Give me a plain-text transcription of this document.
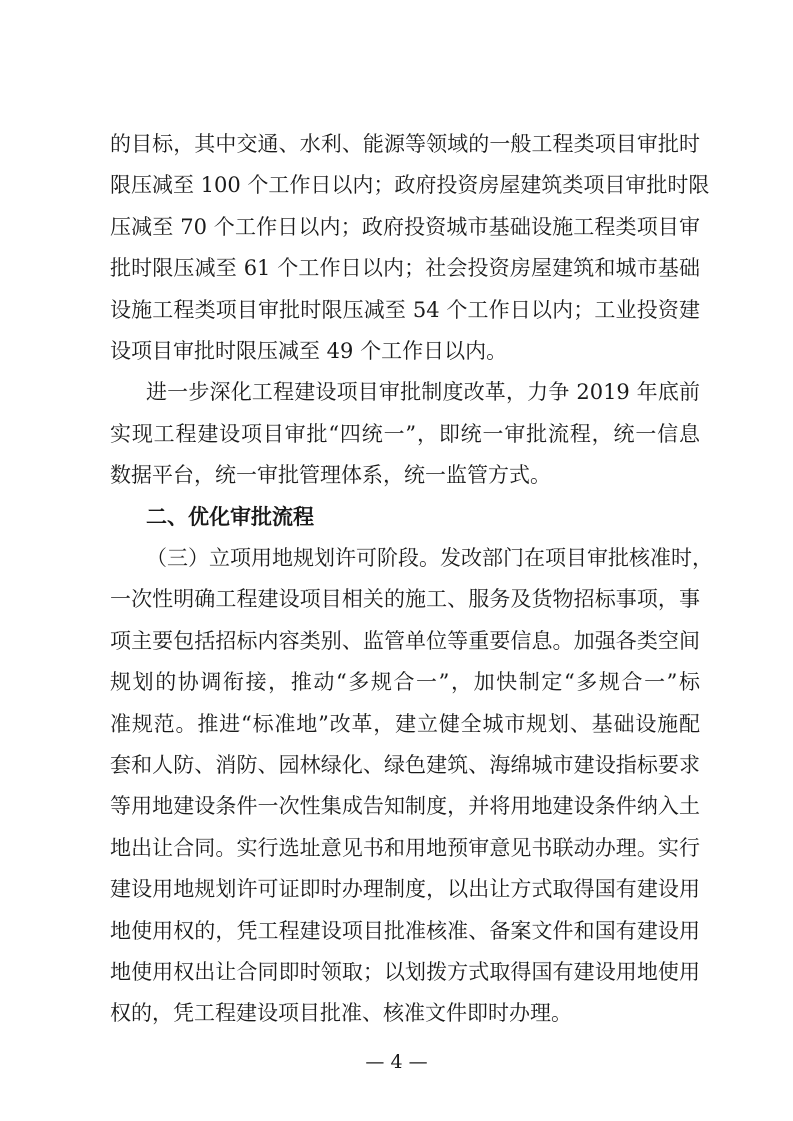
的目标，其中交通、水利、能源等领域的一般工程类项目审批时

限压减至 100 个工作日以内；政府投资房屋建筑类项目审批时限

压减至 70 个工作日以内；政府投资城市基础设施工程类项目审

批时限压减至 61 个工作日以内；社会投资房屋建筑和城市基础

设施工程类项目审批时限压减至 54 个工作日以内；工业投资建

设项目审批时限压减至 49 个工作日以内。

进一步深化工程建设项目审批制度改革，力争 2019 年底前

实现工程建设项目审批“四统一”，即统一审批流程，统一信息

数据平台，统一审批管理体系，统一监管方式。

二、优化审批流程

（三）立项用地规划许可阶段。发改部门在项目审批核准时，

一次性明确工程建设项目相关的施工、服务及货物招标事项，事

项主要包括招标内容类别、监管单位等重要信息。加强各类空间

规划的协调衔接，推动“多规合一”，加快制定“多规合一”标

准规范。推进“标准地”改革，建立健全城市规划、基础设施配

套和人防、消防、园林绿化、绿色建筑、海绵城市建设指标要求

等用地建设条件一次性集成告知制度，并将用地建设条件纳入土

地出让合同。实行选址意见书和用地预审意见书联动办理。实行

建设用地规划许可证即时办理制度，以出让方式取得国有建设用

地使用权的，凭工程建设项目批准核准、备案文件和国有建设用

地使用权出让合同即时领取；以划拨方式取得国有建设用地使用

权的，凭工程建设项目批准、核准文件即时办理。

— 4 —
